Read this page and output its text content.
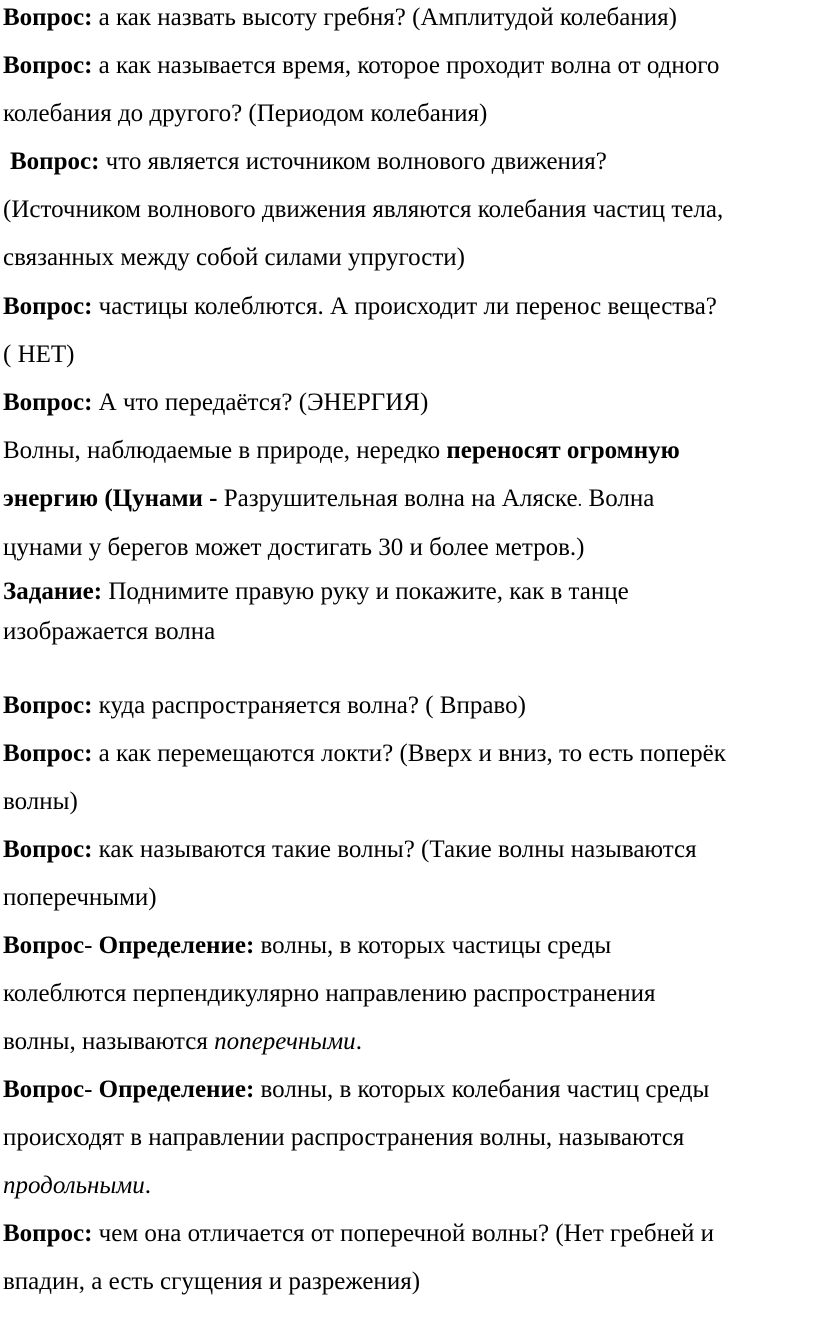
Вопрос: а как назвать высоту гребня? (Амплитудой колебания)
Вопрос: а как называется время, которое проходит волна от одного
колебания до другого? (Периодом колебания)
Вопрос: что является источником волнового движения?
(Источником волнового движения являются колебания частиц тела,
связанных между собой силами упругости)
Вопрос: частицы колеблются. А происходит ли перенос вещества?
( НЕТ)
Вопрос: А что передаётся? (ЭНЕРГИЯ)
Волны, наблюдаемые в природе, нередко переносят огромную
энергию (Цунами - Разрушительная волна на Аляске. Волна
цунами у берегов может достигать 30 и более метров.)
Задание: Поднимите правую руку и покажите, как в танце
изображается волна
Вопрос: куда распространяется волна? ( Вправо)
Вопрос: а как перемещаются локти? (Вверх и вниз, то есть поперёк
волны)
Вопрос: как называются такие волны? (Такие волны называются
поперечными)
Вопрос- Определение: волны, в которых частицы среды
колеблются перпендикулярно направлению распространения
волны, называются поперечными.
Вопрос- Определение: волны, в которых колебания частиц среды
происходят в направлении распространения волны, называются
продольными.
Вопрос: чем она отличается от поперечной волны? (Нет гребней и
впадин, а есть сгущения и разрежения)
